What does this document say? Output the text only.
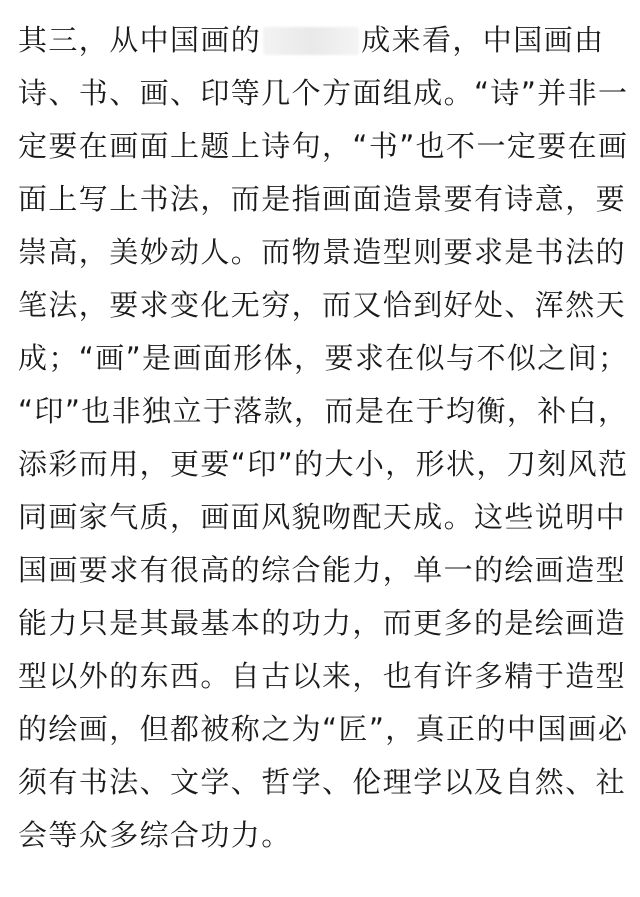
其三，从中国画的	成来看，中国画由
诗、书、画、印等几个方面组成。“诗”并非一
定要在画面上题上诗句，“书”也不一定要在画
面上写上书法，而是指画面造景要有诗意，要
崇高，美妙动人。而物景造型则要求是书法的
笔法，要求变化无穷，而又恰到好处、浑然天
成；“画”是画面形体，要求在似与不似之间；
“印”也非独立于落款，而是在于均衡，补白，
添彩而用，更要“印”的大小，形状，刀刻风范
同画家气质，画面风貌吻配天成。这些说明中
国画要求有很高的综合能力，单一的绘画造型
能力只是其最基本的功力，而更多的是绘画造
型以外的东西。自古以来，也有许多精于造型
的绘画，但都被称之为“匠”，真正的中国画必
须有书法、文学、哲学、伦理学以及自然、社
会等众多综合功力。
